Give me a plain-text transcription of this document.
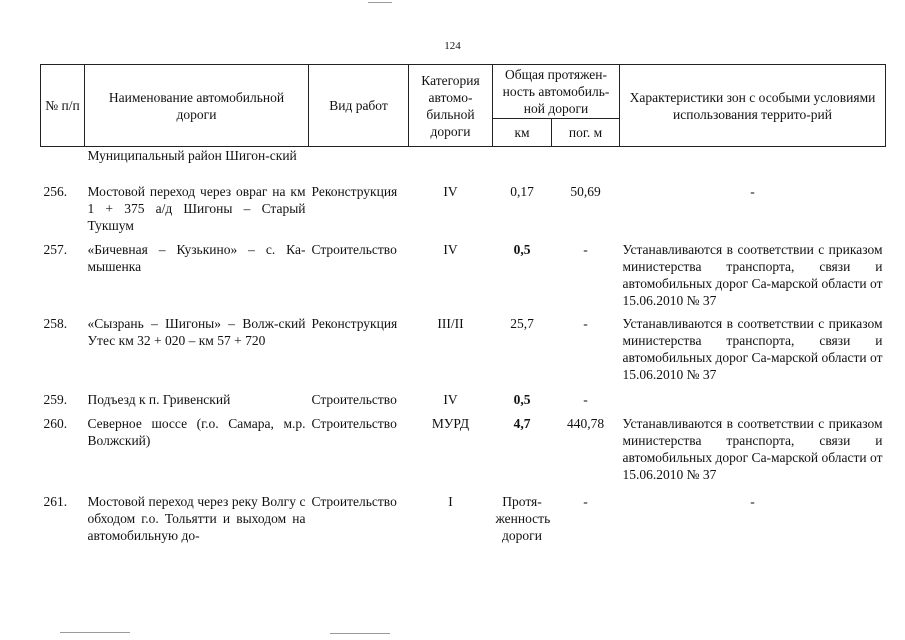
124
№ п/п	Наименование автомобильной дороги	Вид работ	Категория автомо-бильной дороги	Общая протяжен-ность автомобиль-ной дороги		Характеристики зон с особыми условиями использования террито-рий
				км	пог. м	
	Муниципальный район Шигон-ский					
256.	Мостовой переход через овраг на км 1 + 375 а/д Шигоны – Старый Тукшум	Реконструкция	IV	0,17	50,69	-
257.	«Бичевная – Кузькино» – с. Ка-мышенка	Строительство	IV	0,5	-	Устанавливаются в соответствии с приказом министерства транспорта, связи и автомобильных дорог Са-марской области от 15.06.2010 № 37
258.	«Сызрань – Шигоны» – Волж-ский Утес км 32 + 020 – км 57 + 720	Реконструкция	III/II	25,7	-	Устанавливаются в соответствии с приказом министерства транспорта, связи и автомобильных дорог Са-марской области от 15.06.2010 № 37
259.	Подъезд к п. Гривенский	Строительство	IV	0,5	-	
260.	Северное шоссе (г.о. Самара, м.р. Волжский)	Строительство	МУРД	4,7	440,78	Устанавливаются в соответствии с приказом министерства транспорта, связи и автомобильных дорог Са-марской области от 15.06.2010 № 37
261.	Мостовой переход через реку Волгу с обходом г.о. Тольятти и выходом на автомобильную до-	Строительство	I	Протя-женность дороги	-	-
